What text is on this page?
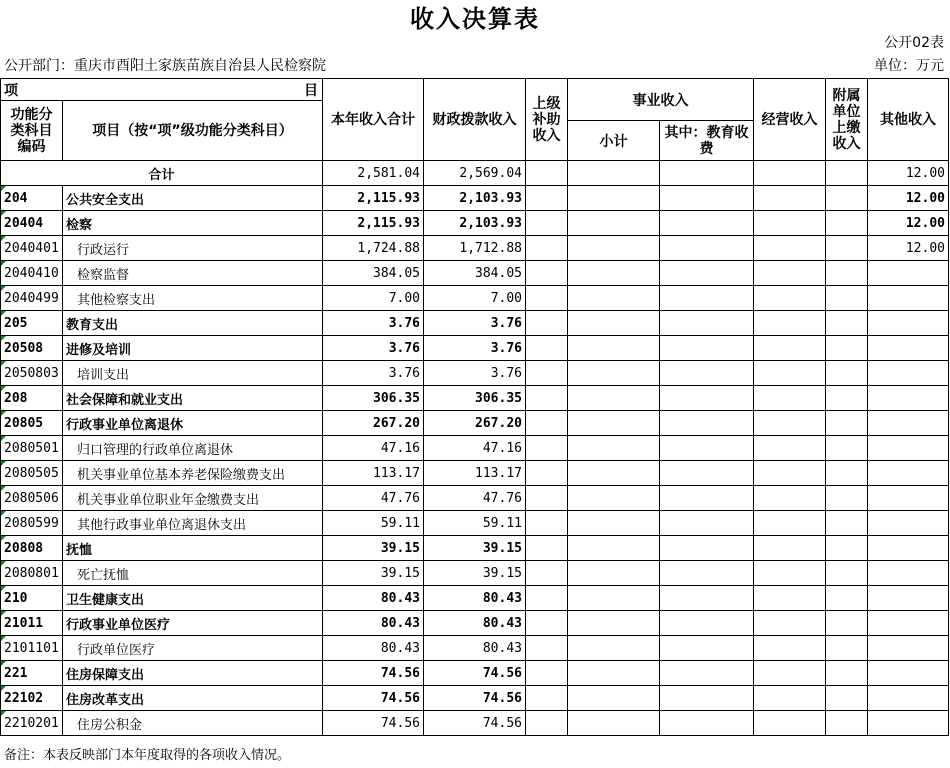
收入决算表
公开02表
公开部门：重庆市酉阳土家族苗族自治县人民检察院	单位：万元
项 目		本年收入合计	财政拨款收入	上级补助收入	事业收入		经营收入	附属单位上缴收入	其他收入
功能分类科目编码	项目（按“项”级功能分类科目）								
					小计	其中：教育收费			
合计		2,581.04	2,569.04						12.00
204	公共安全支出	2,115.93	2,103.93						12.00
20404	检察	2,115.93	2,103.93						12.00
2040401	行政运行	1,724.88	1,712.88						12.00
2040410	检察监督	384.05	384.05						
2040499	其他检察支出	7.00	7.00						
205	教育支出	3.76	3.76						
20508	进修及培训	3.76	3.76						
2050803	培训支出	3.76	3.76						
208	社会保障和就业支出	306.35	306.35						
20805	行政事业单位离退休	267.20	267.20						
2080501	归口管理的行政单位离退休	47.16	47.16						
2080505	机关事业单位基本养老保险缴费支出	113.17	113.17						
2080506	机关事业单位职业年金缴费支出	47.76	47.76						
2080599	其他行政事业单位离退休支出	59.11	59.11						
20808	抚恤	39.15	39.15						
2080801	死亡抚恤	39.15	39.15						
210	卫生健康支出	80.43	80.43						
21011	行政事业单位医疗	80.43	80.43						
2101101	行政单位医疗	80.43	80.43						
221	住房保障支出	74.56	74.56						
22102	住房改革支出	74.56	74.56						
2210201	住房公积金	74.56	74.56						
备注：本表反映部门本年度取得的各项收入情况。
